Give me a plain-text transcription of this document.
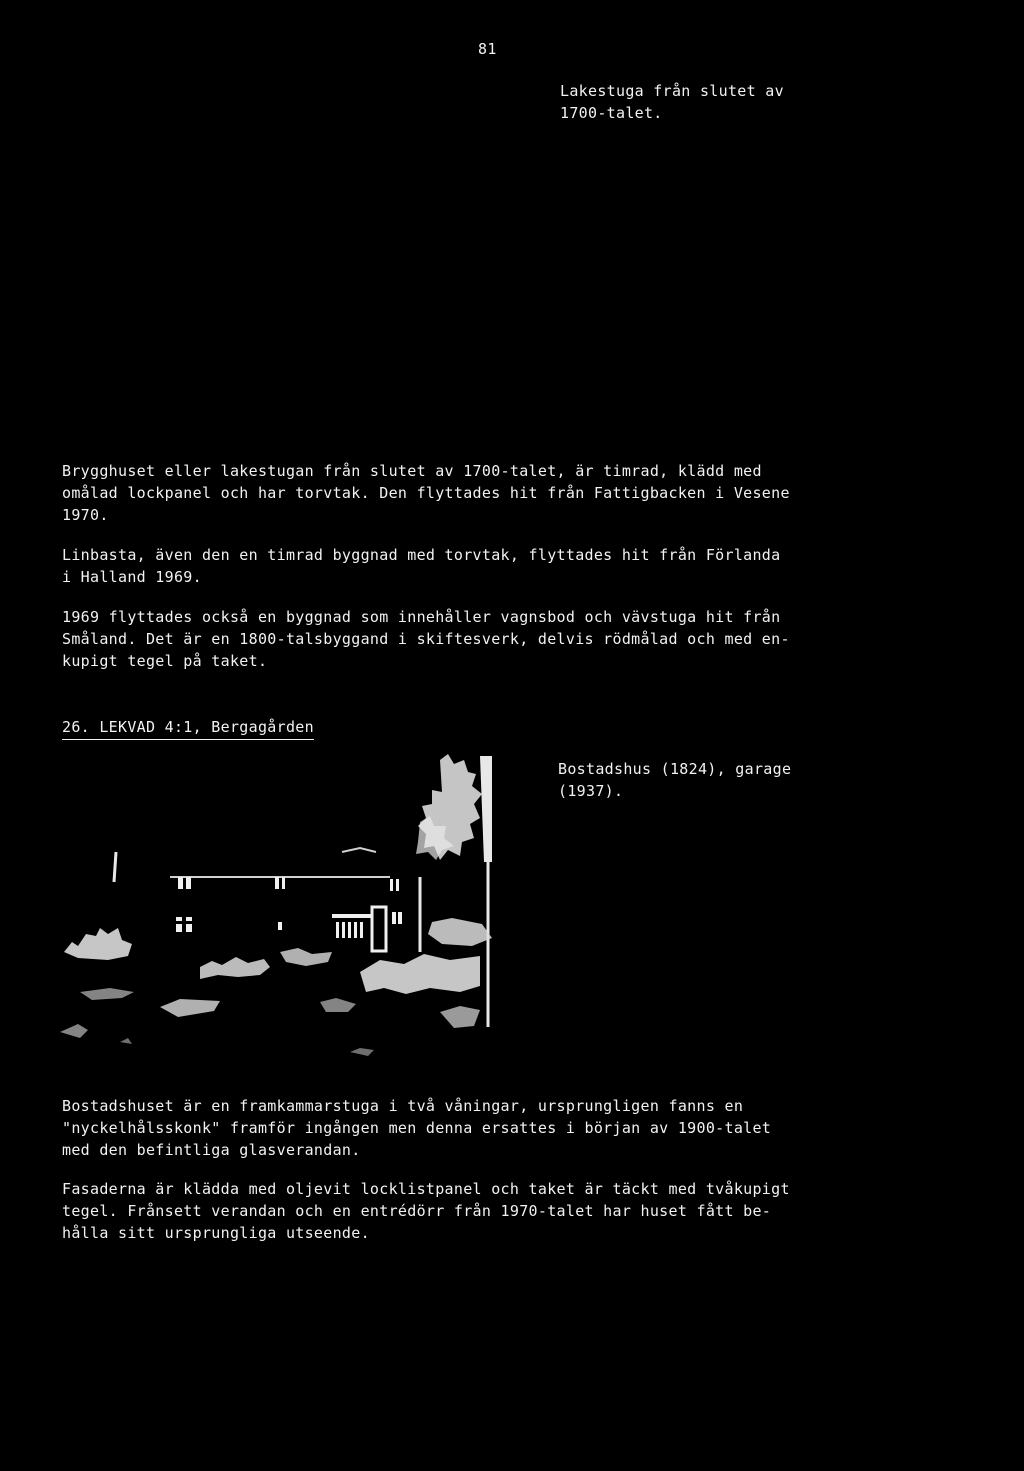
81
Lakestuga från slutet av
1700-talet.
Brygghuset eller lakestugan från slutet av 1700-talet, är timrad, klädd med
omålad lockpanel och har torvtak. Den flyttades hit från Fattigbacken i Vesene
1970.
Linbasta, även den en timrad byggnad med torvtak, flyttades hit från Förlanda
i Halland 1969.
1969 flyttades också en byggnad som innehåller vagnsbod och vävstuga hit från
Småland. Det är en 1800-talsbyggand i skiftesverk, delvis rödmålad och med en-
kupigt tegel på taket.
26. LEKVAD 4:1, Bergagården
Bostadshus (1824), garage
(1937).
Bostadshuset är en framkammarstuga i två våningar, ursprungligen fanns en
"nyckelhålsskonk" framför ingången men denna ersattes i början av 1900-talet
med den befintliga glasverandan.
Fasaderna är klädda med oljevit locklistpanel och taket är täckt med tvåkupigt
tegel. Frånsett verandan och en entrédörr från 1970-talet har huset fått be-
hålla sitt ursprungliga utseende.
